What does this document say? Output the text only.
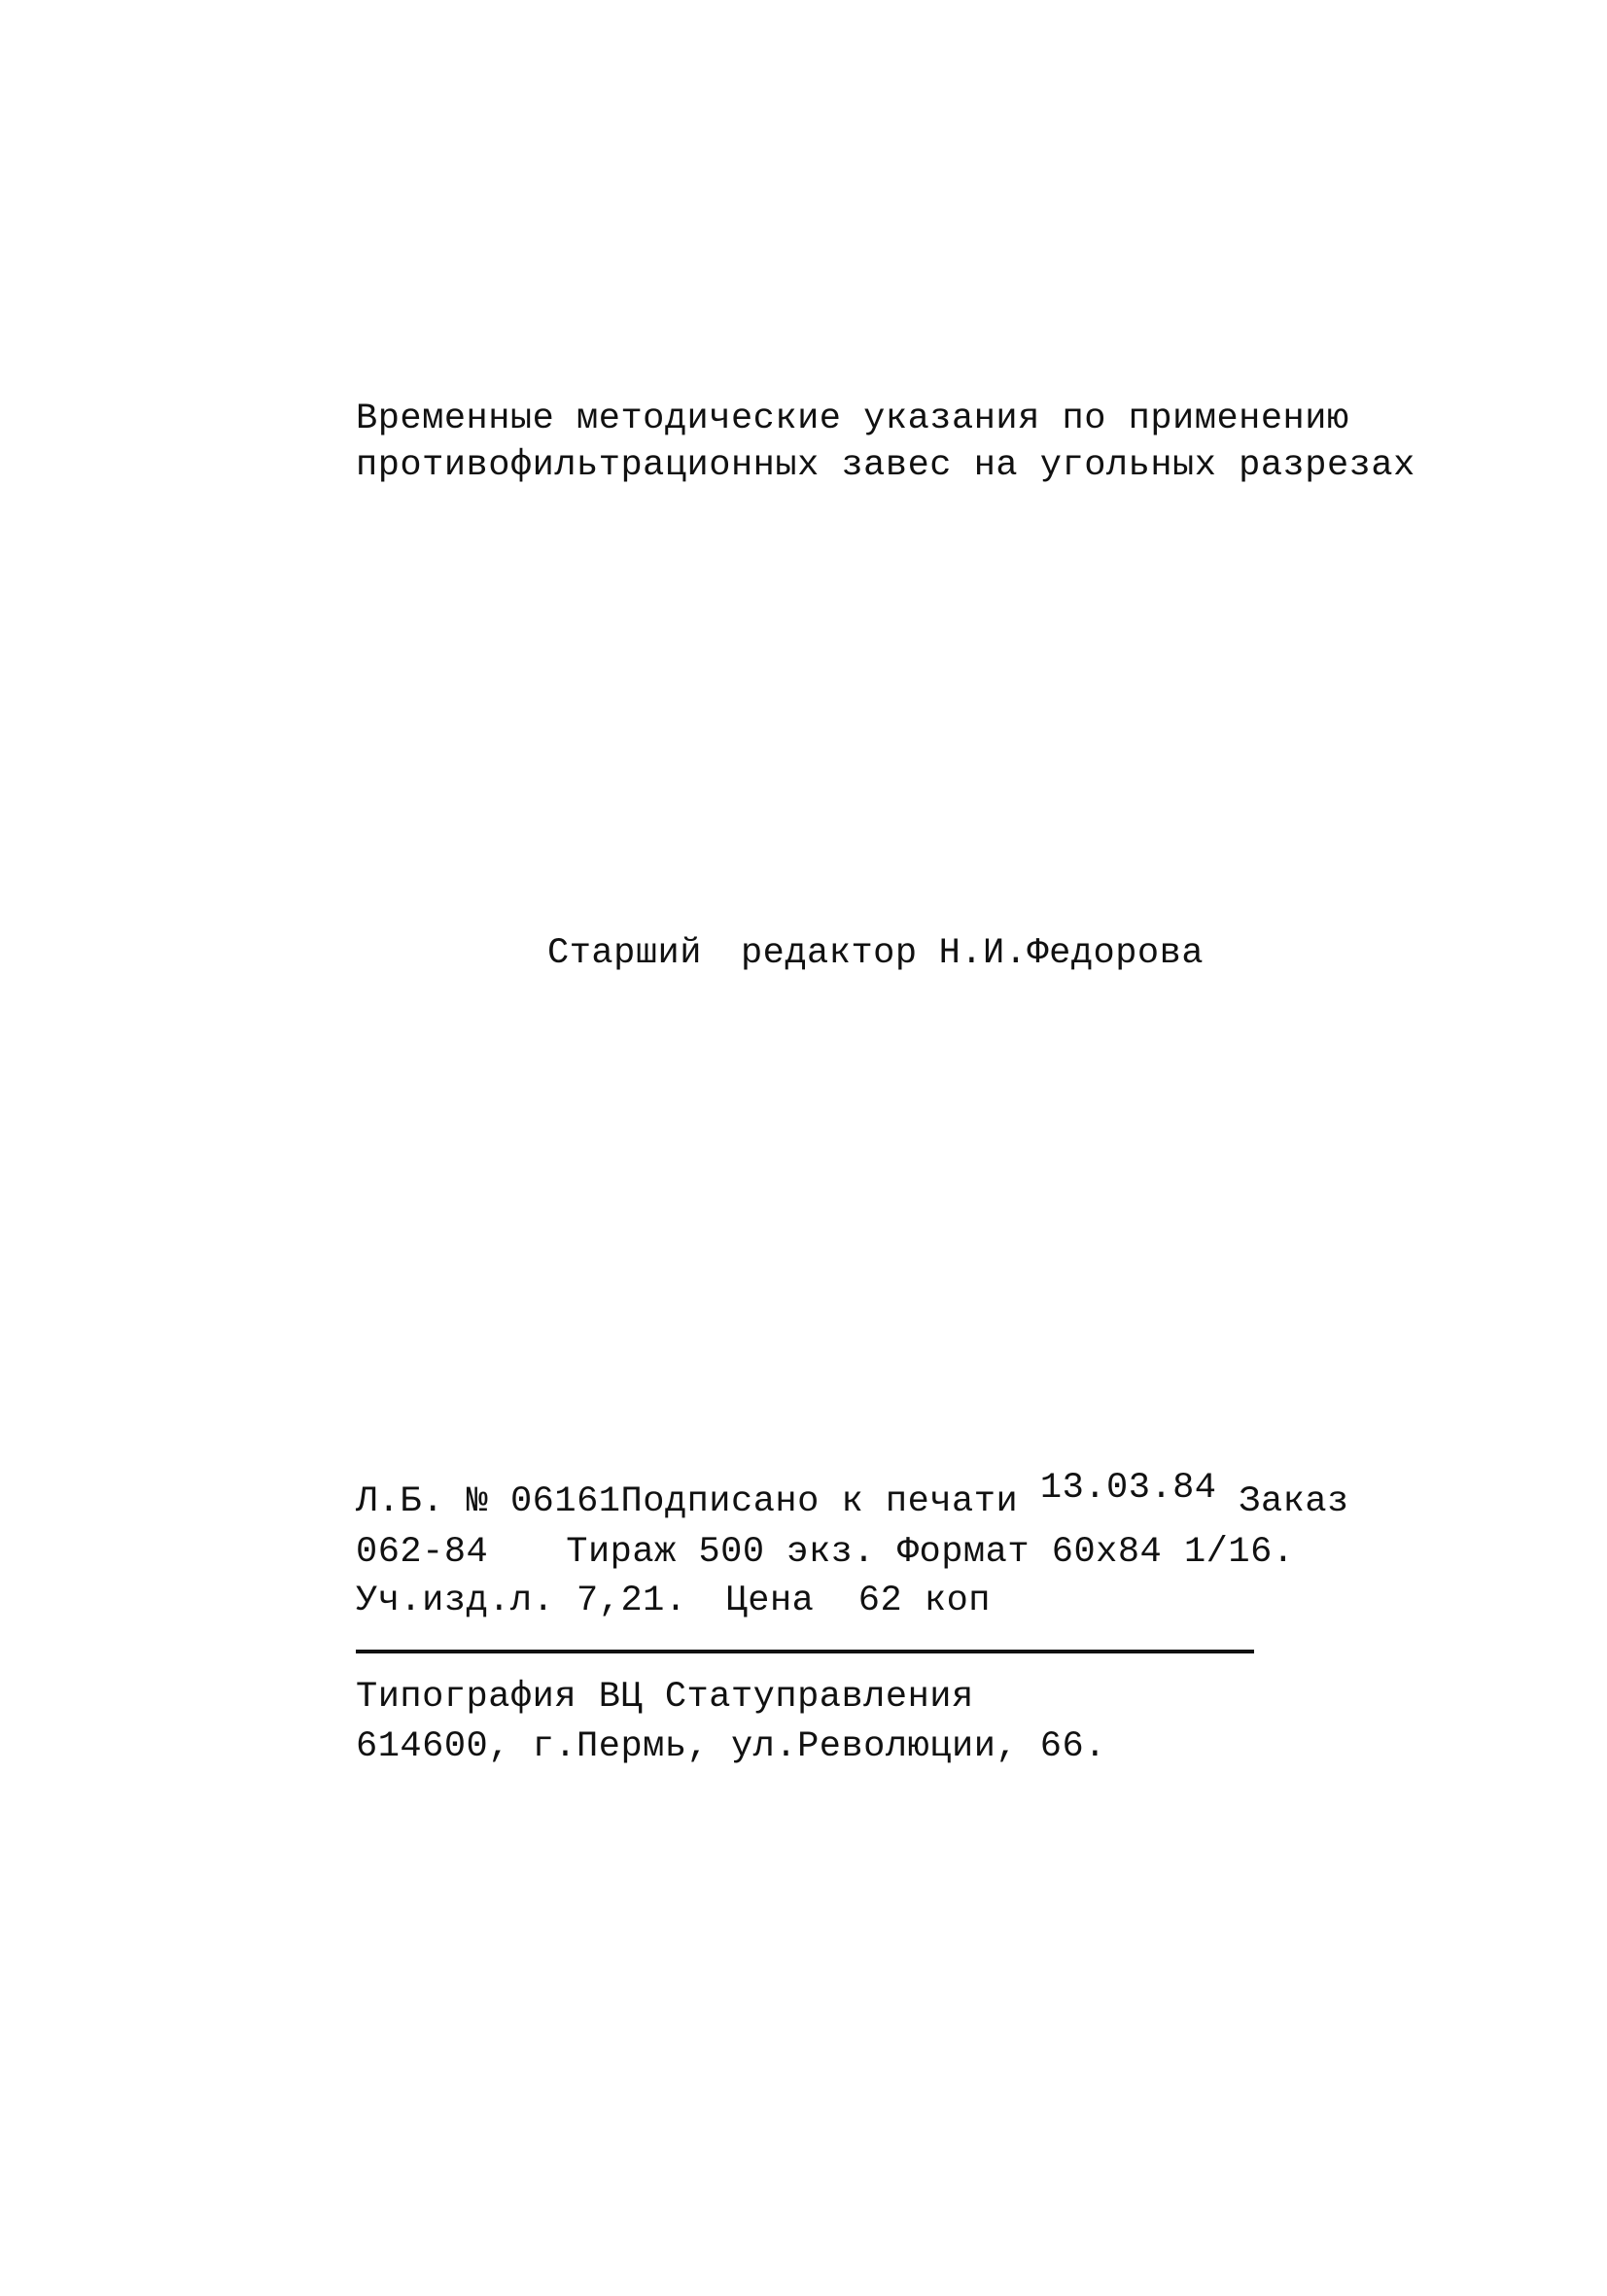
Временные методические указания по применению
противофильтрационных завес на угольных разрезах
Старший редактор Н.И.Федорова
Л.Б. № 06161Подписано к печати 13.03.84 Заказ
062-84 Тираж 500 экз. Формат 60x84 1/16.
Уч.изд.л. 7,21. Цена  62 коп
Типография ВЦ Статуправления
614600, г.Пермь, ул.Революции, 66.
